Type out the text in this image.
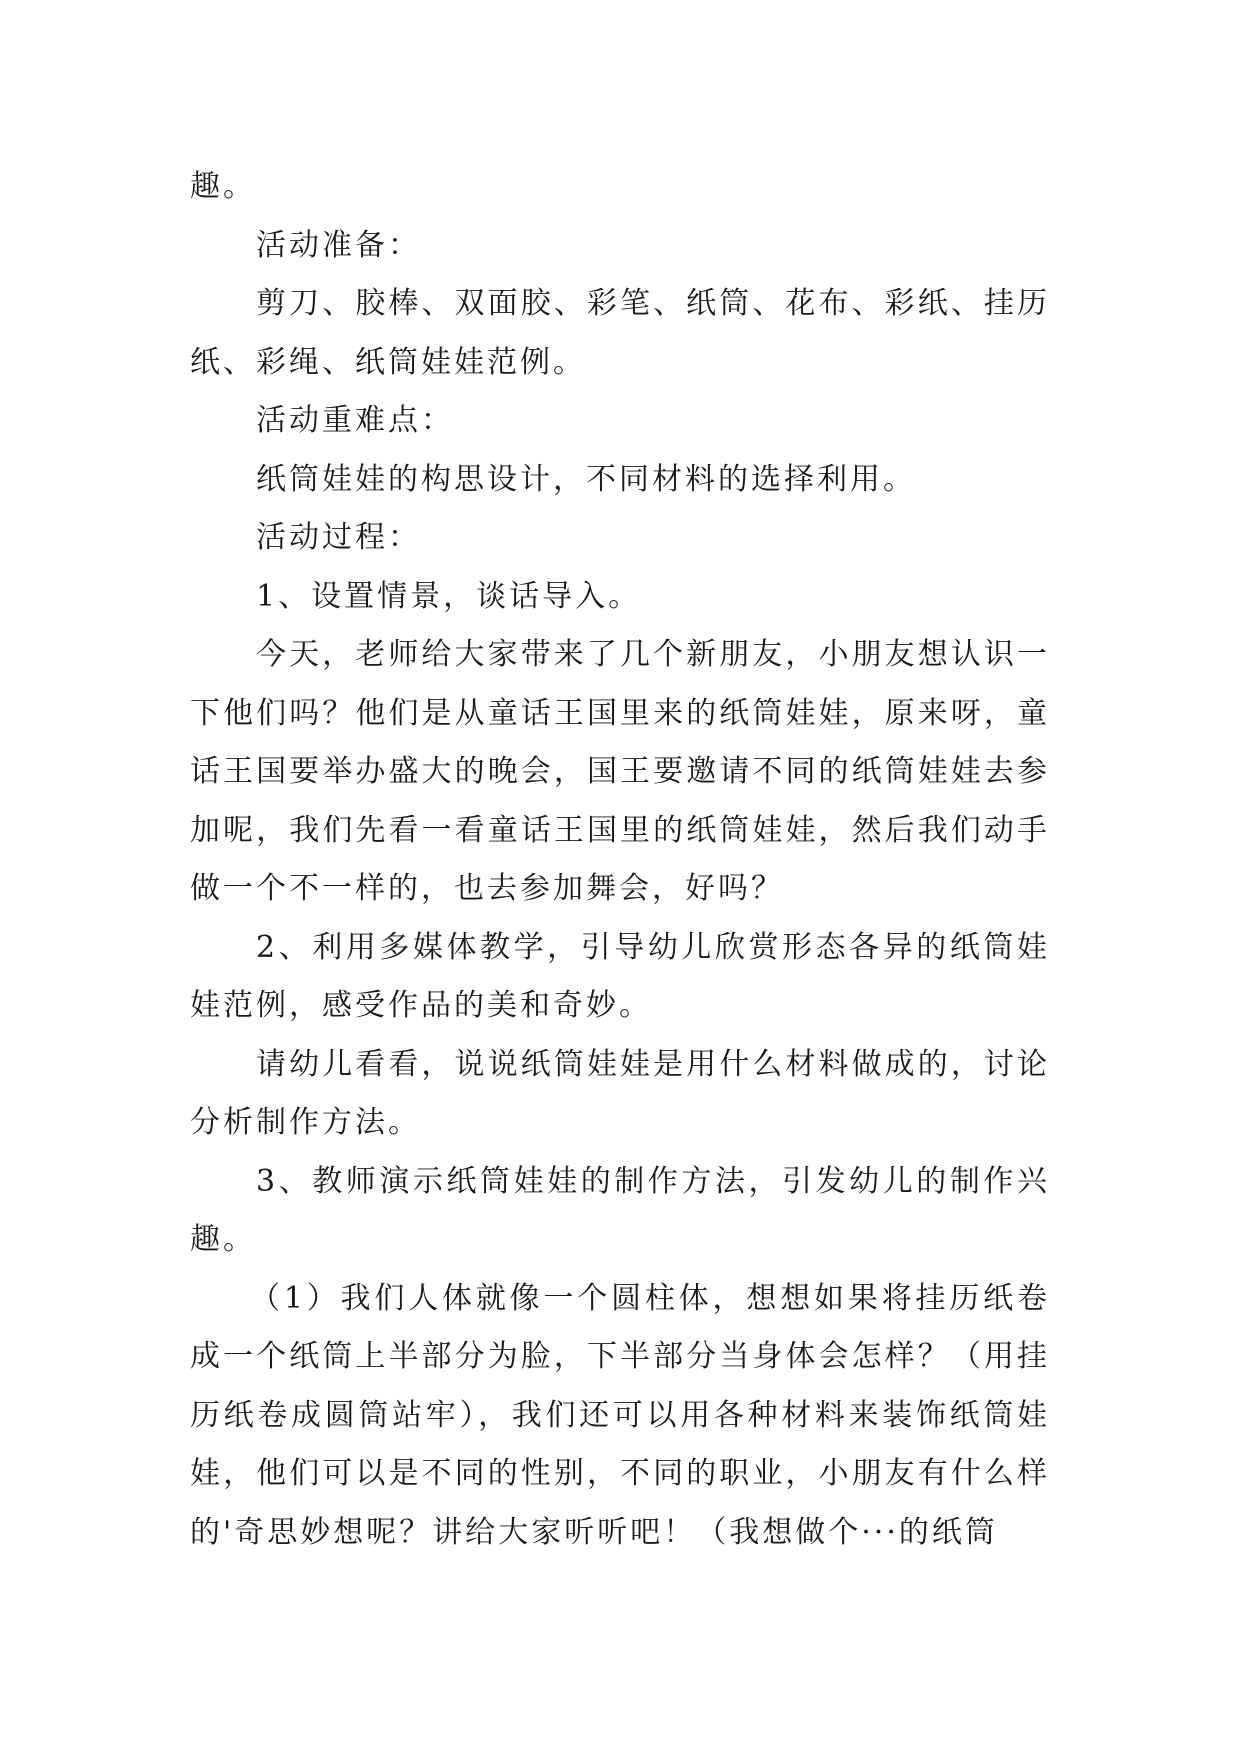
趣。

活动准备：

剪刀、胶棒、双面胶、彩笔、纸筒、花布、彩纸、挂历纸、彩绳、纸筒娃娃范例。

活动重难点：

纸筒娃娃的构思设计，不同材料的选择利用。

活动过程：

1、设置情景，谈话导入。

今天，老师给大家带来了几个新朋友，小朋友想认识一下他们吗？他们是从童话王国里来的纸筒娃娃，原来呀，童话王国要举办盛大的晚会，国王要邀请不同的纸筒娃娃去参加呢，我们先看一看童话王国里的纸筒娃娃，然后我们动手做一个不一样的，也去参加舞会，好吗？

2、利用多媒体教学，引导幼儿欣赏形态各异的纸筒娃娃范例，感受作品的美和奇妙。

请幼儿看看，说说纸筒娃娃是用什么材料做成的，讨论分析制作方法。

3、教师演示纸筒娃娃的制作方法，引发幼儿的制作兴趣。

（1）我们人体就像一个圆柱体，想想如果将挂历纸卷成一个纸筒上半部分为脸，下半部分当身体会怎样？（用挂历纸卷成圆筒站牢），我们还可以用各种材料来装饰纸筒娃娃，他们可以是不同的性别，不同的职业，小朋友有什么样的'奇思妙想呢？讲给大家听听吧！（我想做个···的纸筒
